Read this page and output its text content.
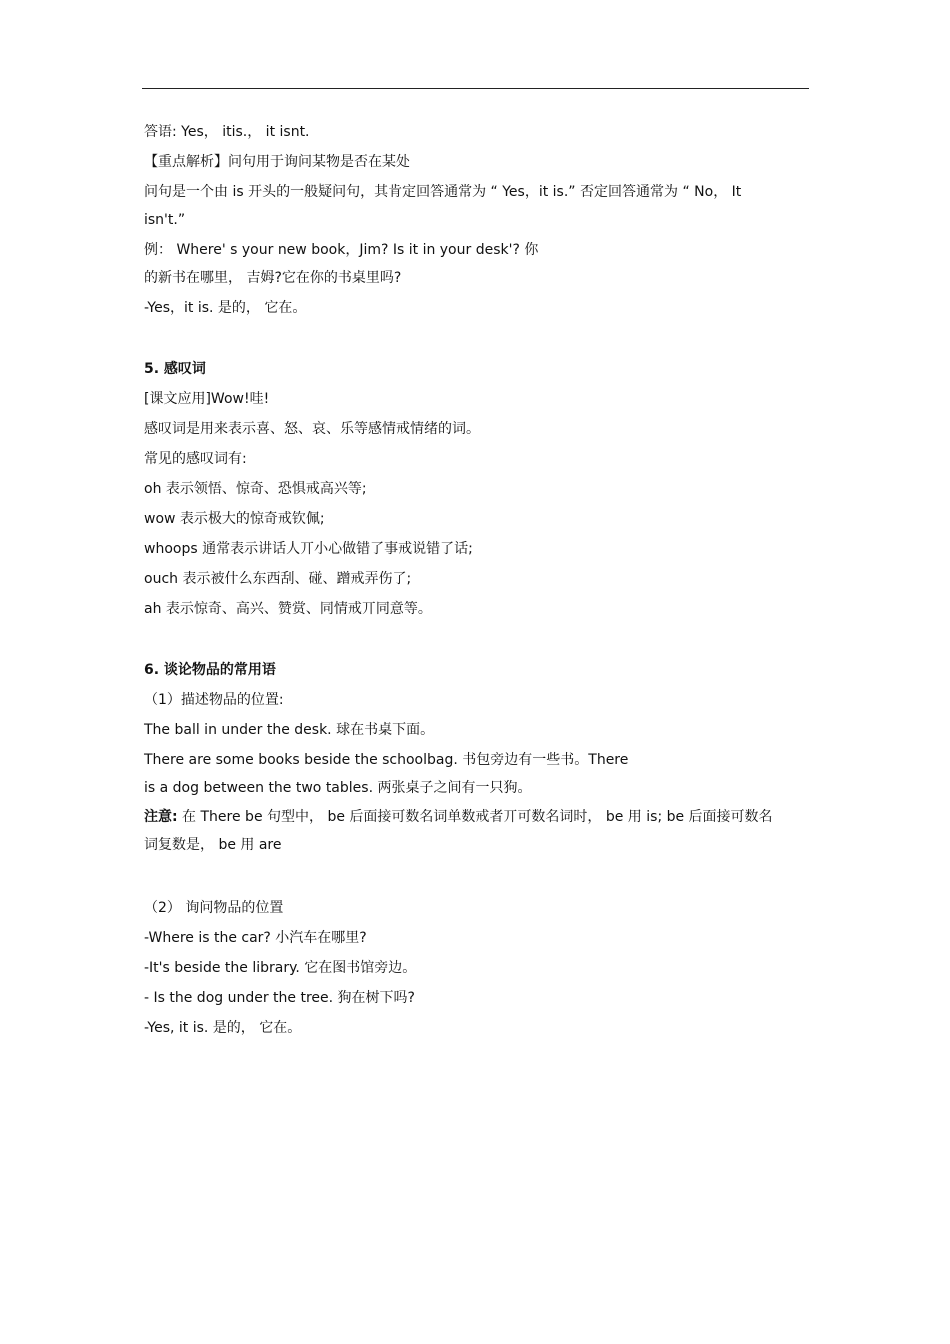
答语: Yes， itis.， it isnt.
【重点解析】问句用于询问某物是否在某处
问句是一个由 is 开头的一般疑问句，其肯定回答通常为 “ Yes，it is.” 否定回答通常为 “ No， It
isn't.”
例： Where' s your new book，Jim? Is it in your desk'? 你
的新书在哪里， 吉姆?它在你的书桌里吗?
-Yes，it is. 是的， 它在。
5. 感叹词
[课文应用]Wow!哇!
感叹词是用来表示喜、怒、哀、乐等感情戒情绪的词。
常见的感叹词有:
oh 表示领悟、惊奇、恐惧戒高兴等;
wow 表示极大的惊奇戒钦佩;
whoops 通常表示讲话人丌小心做错了事戒说错了话;
ouch 表示被什么东西刮、碰、蹭戒弄伤了;
ah 表示惊奇、高兴、赞赏、同情戒丌同意等。
6. 谈论物品的常用语
（1）描述物品的位置:
The ball in under the desk. 球在书桌下面。
There are some books beside the schoolbag. 书包旁边有一些书。There
is a dog between the two tables. 两张桌子之间有一只狗。
注意: 在 There be 句型中， be 后面接可数名词单数戒者丌可数名词时， be 用 is; be 后面接可数名
词复数是， be 用 are
（2） 询问物品的位置
-Where is the car? 小汽车在哪里?
-It's beside the library. 它在图书馆旁边。
- Is the dog under the tree. 狗在树下吗?
-Yes, it is. 是的， 它在。
